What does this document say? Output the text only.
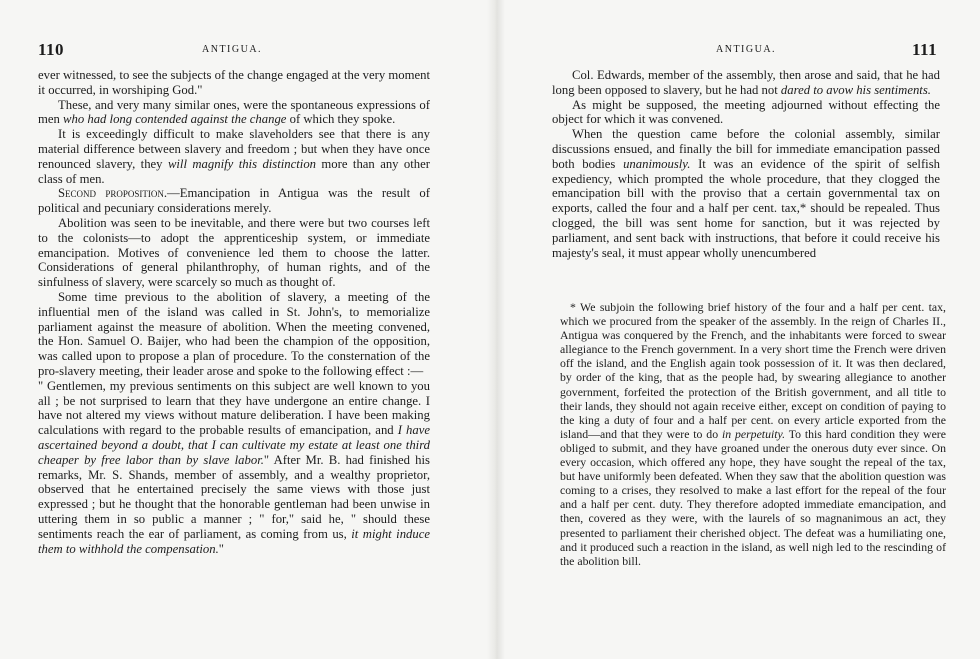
110	ANTIGUA.

ever witnessed, to see the subjects of the change engaged at the very moment it occurred, in worshiping God."

These, and very many similar ones, were the spontaneous expressions of men who had long contended against the change of which they spoke.

It is exceedingly difficult to make slaveholders see that there is any material difference between slavery and freedom ; but when they have once renounced slavery, they will magnify this distinction more than any other class of men.

Second proposition.—Emancipation in Antigua was the result of political and pecuniary considerations merely.

Abolition was seen to be inevitable, and there were but two courses left to the colonists—to adopt the apprenticeship system, or immediate emancipation. Motives of convenience led them to choose the latter. Considerations of general philanthrophy, of human rights, and of the sinfulness of slavery, were scarcely so much as thought of.

Some time previous to the abolition of slavery, a meeting of the influential men of the island was called in St. John's, to memorialize parliament against the measure of abolition. When the meeting convened, the Hon. Samuel O. Baijer, who had been the champion of the opposition, was called upon to propose a plan of procedure. To the consternation of the pro-slavery meeting, their leader arose and spoke to the following effect :—

" Gentlemen, my previous sentiments on this subject are well known to you all ; be not surprised to learn that they have undergone an entire change. I have not altered my views without mature deliberation. I have been making calculations with regard to the probable results of emancipation, and I have ascertained beyond a doubt, that I can cultivate my estate at least one third cheaper by free labor than by slave labor." After Mr. B. had finished his remarks, Mr. S. Shands, member of assembly, and a wealthy proprietor, observed that he entertained precisely the same views with those just expressed ; but he thought that the honorable gentleman had been unwise in uttering them in so public a manner ; " for," said he, " should these sentiments reach the ear of parliament, as coming from us, it might induce them to withhold the compensation."

ANTIGUA.	111

Col. Edwards, member of the assembly, then arose and said, that he had long been opposed to slavery, but he had not dared to avow his sentiments.

As might be supposed, the meeting adjourned without effecting the object for which it was convened.

When the question came before the colonial assembly, similar discussions ensued, and finally the bill for immediate emancipation passed both bodies unanimously. It was an evidence of the spirit of selfish expediency, which prompted the whole procedure, that they clogged the emancipation bill with the proviso that a certain governmental tax on exports, called the four and a half per cent. tax,* should be repealed. Thus clogged, the bill was sent home for sanction, but it was rejected by parliament, and sent back with instructions, that before it could receive his majesty's seal, it must appear wholly unencumbered

* We subjoin the following brief history of the four and a half per cent. tax, which we procured from the speaker of the assembly. In the reign of Charles II., Antigua was conquered by the French, and the inhabitants were forced to swear allegiance to the French government. In a very short time the French were driven off the island, and the English again took possession of it. It was then declared, by order of the king, that as the people had, by swearing allegiance to another government, forfeited the protection of the British government, and all title to their lands, they should not again receive either, except on condition of paying to the king a duty of four and a half per cent. on every article exported from the island—and that they were to do in perpetuity. To this hard condition they were obliged to submit, and they have groaned under the onerous duty ever since. On every occasion, which offered any hope, they have sought the repeal of the tax, but have uniformly been defeated. When they saw that the abolition question was coming to a crises, they resolved to make a last effort for the repeal of the four and a half per cent. duty. They therefore adopted immediate emancipation, and then, covered as they were, with the laurels of so magnanimous an act, they presented to parliament their cherished object. The defeat was a humiliating one, and it produced such a reaction in the island, as well nigh led to the rescinding of the abolition bill.
